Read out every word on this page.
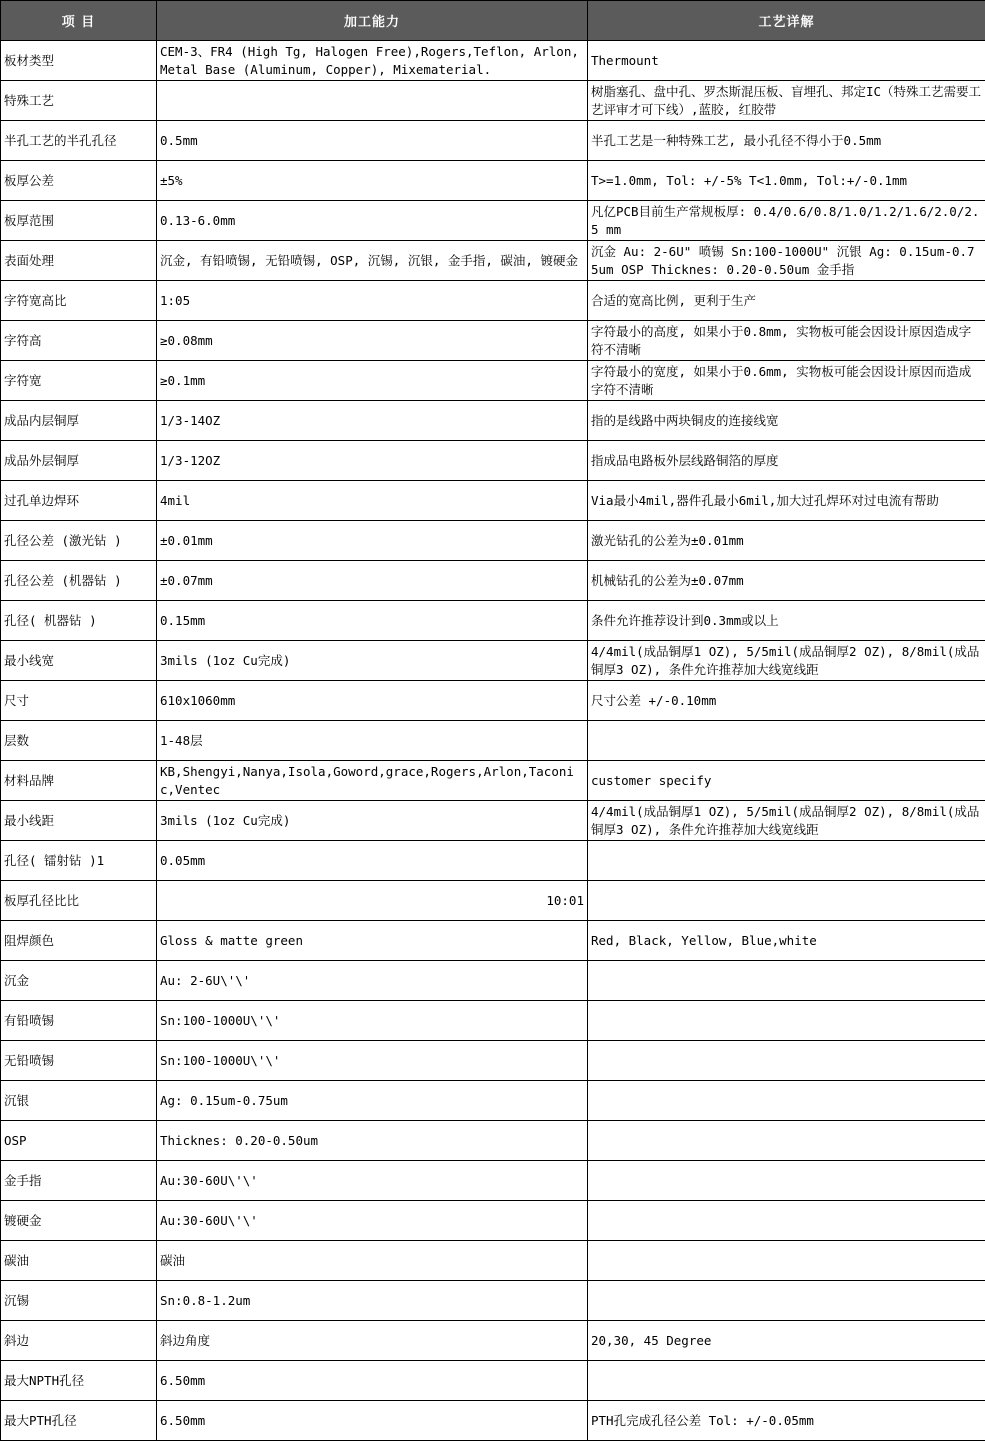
项 目	加工能力	工艺详解
板材类型	CEM-3、FR4 (High Tg, Halogen Free),Rogers,Teflon, Arlon, Metal Base (Aluminum, Copper), Mixematerial.	Thermount
特殊工艺		树脂塞孔、盘中孔、罗杰斯混压板、盲埋孔、邦定IC（特殊工艺需要工艺评审才可下线）,蓝胶, 红胶带
半孔工艺的半孔孔径	0.5mm	半孔工艺是一种特殊工艺, 最小孔径不得小于0.5mm
板厚公差	±5%	T>=1.0mm, Tol: +/-5% T<1.0mm, Tol:+/-0.1mm
板厚范围	0.13-6.0mm	凡亿PCB目前生产常规板厚: 0.4/0.6/0.8/1.0/1.2/1.6/2.0/2.5 mm
表面处理	沉金, 有铅喷锡, 无铅喷锡, OSP, 沉锡, 沉银, 金手指, 碳油, 镀硬金	沉金 Au: 2-6U" 喷锡 Sn:100-1000U" 沉银 Ag: 0.15um-0.75um OSP Thicknes: 0.20-0.50um 金手指
字符宽高比	1:05	合适的宽高比例, 更利于生产
字符高	≥0.08mm	字符最小的高度, 如果小于0.8mm, 实物板可能会因设计原因造成字符不清晰
字符宽	≥0.1mm	字符最小的宽度, 如果小于0.6mm, 实物板可能会因设计原因而造成字符不清晰
成品内层铜厚	1/3-14OZ	指的是线路中两块铜皮的连接线宽
成品外层铜厚	1/3-12OZ	指成品电路板外层线路铜箔的厚度
过孔单边焊环	4mil	Via最小4mil,器件孔最小6mil,加大过孔焊环对过电流有帮助
孔径公差 (激光钻 )	±0.01mm	激光钻孔的公差为±0.01mm
孔径公差 (机器钻 )	±0.07mm	机械钻孔的公差为±0.07mm
孔径( 机器钻 )	0.15mm	条件允许推荐设计到0.3mm或以上
最小线宽	3mils (1oz Cu完成)	4/4mil(成品铜厚1 OZ), 5/5mil(成品铜厚2 OZ), 8/8mil(成品铜厚3 OZ), 条件允许推荐加大线宽线距
尺寸	610x1060mm	尺寸公差 +/-0.10mm
层数	1-48层	
材料品牌	KB,Shengyi,Nanya,Isola,Goword,grace,Rogers,Arlon,Taconic,Ventec	customer specify
最小线距	3mils (1oz Cu完成)	4/4mil(成品铜厚1 OZ), 5/5mil(成品铜厚2 OZ), 8/8mil(成品铜厚3 OZ), 条件允许推荐加大线宽线距
孔径( 镭射钻 )1	0.05mm	
板厚孔径比比	10:01	
阻焊颜色	Gloss & matte green	Red, Black, Yellow, Blue,white
沉金	Au: 2-6U\'\'	
有铅喷锡	Sn:100-1000U\'\'	
无铅喷锡	Sn:100-1000U\'\'	
沉银	Ag: 0.15um-0.75um	
OSP	Thicknes: 0.20-0.50um	
金手指	Au:30-60U\'\'	
镀硬金	Au:30-60U\'\'	
碳油	碳油	
沉锡	Sn:0.8-1.2um	
斜边	斜边角度	20,30, 45 Degree
最大NPTH孔径	6.50mm	
最大PTH孔径	6.50mm	PTH孔完成孔径公差 Tol: +/-0.05mm
